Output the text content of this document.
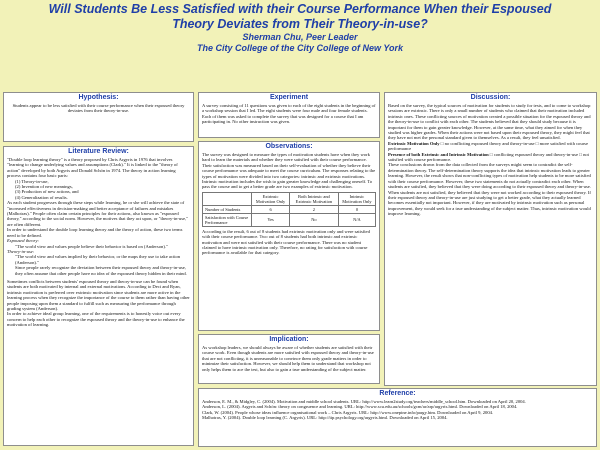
Will Students Be Less Satisfied with their Course Performance When their Espoused Theory Deviates from Their Theory-in-use?
Sherman Chu, Peer Leader
The City College of the City College of New York
Hypothesis:

Students appear to be less satisfied with their course performance when their espoused theory deviates from their theory-in-use.

Literature Review:

"Double loop learning theory" is a theory proposed by Chris Argyris in 1976 that involves "learning to change underlying values and assumptions (Clark)." It is linked to the "theory of action" developed by both Argyris and Donald Schön in 1974. The theory in action learning process contains four basic parts:

(1) Theory-in-use,

(2) Invention of new meanings,

(3) Production of new actions, and

(4) Generalization of results.

As each student progresses through these steps while learning, he or she will achieve the state of "increased effectiveness in decision-making and better acceptance of failures and mistakes (Malhotras)." People often claim certain principles for their actions, also known as "espoused theory," according to the social norm. However, the motives that they act upon, or "theory-in-use," are often different.

In order to understand the double loop learning theory and the theory of action, these two terms need to be defined.

Espoused theory:

"The world view and values people believe their behavior is based on (Anderson)."

Theory-in-use:

"The world view and values implied by their behavior, or the maps they use to take action (Anderson)."

Since people rarely recognize the deviation between their espoused theory and theory-in-use, they often assume that other people have no idea of the espoused theory hidden in their mind.

Sometimes conflicts between students' espoused theory and theory-in-use can be found when students are both motivated by internal and external motivations. According to Deci and Ryan, intrinsic motivation is preferred over extrinsic motivation since students are more active in the learning process when they recognize the importance of the course to them rather than having other people imposing upon them a standard to fulfill such as measuring the performance through grading system (Anderson).

In order to achieve ideal group learning, one of the requirements is to honestly voice out every concern to help each other to recognize the espoused theory and the theory-in-use to enhance the motivation of learning.

Experiment

A survey consisting of 11 questions was given to each of the eight students in the beginning of a workshop session that I led. The eight students were four male and four female students. Each of them was asked to complete the survey that was designed for a course that I am participating in. No other instruction was given.

Observations:

The survey was designed to measure the types of motivation students have when they work hard to learn the materials and whether they were satisfied with their course performance. Their satisfaction was measured based on their self-evaluation of whether they believe their course performance was adequate to meet the course curriculum. The responses relating to the types of motivation were divided into two categories: intrinsic and extrinsic motivations. Intrinsic motivation includes the wish to gain greater knowledge and challenging oneself. To pass the course and to get a better grade are two examples of extrinsic motivation.

	Extrinsic Motivation Only	Both Intrinsic and Extrinsic Motivation	Intrinsic Motivation Only
Number of Students	6	2	0
Satisfaction with Course Performance	Yes	No	N/A

According to the result, 6 out of 8 students had extrinsic motivation only and were satisfied with their course performance. Two out of 8 students had both intrinsic and extrinsic motivation and were not satisfied with their course performance. There was no student claimed to have intrinsic motivation only. Therefore, no rating for satisfaction with course performance is available for that category.

Implication:

As workshop leaders, we should always be aware of whether students are satisfied with their course work. Even though students are more satisfied with espoused theory and theory-in-use that are not conflicting, it is unreasonable to convince them only grade matters in order to minimize their satisfaction. However, we should help them to understand that workshop not only helps them to ace the test, but also to gain a true understanding of the subject matter.

Discussion:

Based on the survey, the typical sources of motivation for students to study for tests, and to come to workshop sessions are extrinsic. There is only a small number of students who claimed that their motivation included intrinsic ones. These conflicting sources of motivation created a possible situation for the espoused theory and the theory-in-use to conflict with each other. The students believed that they should study because it is important for them to gain greater knowledge. However, at the same time, what they aimed for when they studied was higher grades. When their actions were not based upon their espoused theory, they might feel that they have not met the personal standard given to themselves. As a result, they feel unsatisfied.

Extrinsic Motivation Only □ no conflicting espoused theory and theory-in-use □ more satisfied with course performance

Presence of both Extrinsic and Intrinsic Motivation □ conflicting espoused theory and theory-in-use □ not satisfied with course performance.

These conclusions drawn from the data collected from the surveys might seem to contradict the self-determination theory. The self-determination theory supports the idea that intrinsic motivation leads to greater learning. However, the result shows that non-conflicting types of motivation help students to be more satisfied with their course performance. However, these two statements do not actually contradict each other. When students are satisfied, they believed that they were doing according to their espoused theory and theory-in-use. When students are not satisfied, they believed that they were not worked according to their espoused theory. If their espoused theory and theory-in-use are just studying to get a better grade, what they actually learned becomes essentially not important. However, if they are motivated by intrinsic motivation such as personal improvement, they would seek for a true understanding of the subject matter. Thus, intrinsic motivation would improve learning.

Reference:

Anderson, E. M., & Midgley, C. (2004). Motivation and middle school students. URL: http://www.learn2study.org/teachers/middle_school.htm. Downloaded on April 20, 2004.

Anderson, L. (2004). Argyris and Schön: theory on congruence and learning. URL: http://www.scu.edu.au/schools/gcm/ar/arp/argyris.html. Downloaded on April 18, 2004.

Clark, W. (2004). People whose ideas influence organisational work – Chris Argyris. URL: http://www.onepine.info/pargy.htm. Downloaded on April 9, 2004.

Malhotras, Y. (2004). Double loop learning (C. Argyris). URL: http://tip.psychology.org/argyris.html. Downloaded on April 15, 2004.
